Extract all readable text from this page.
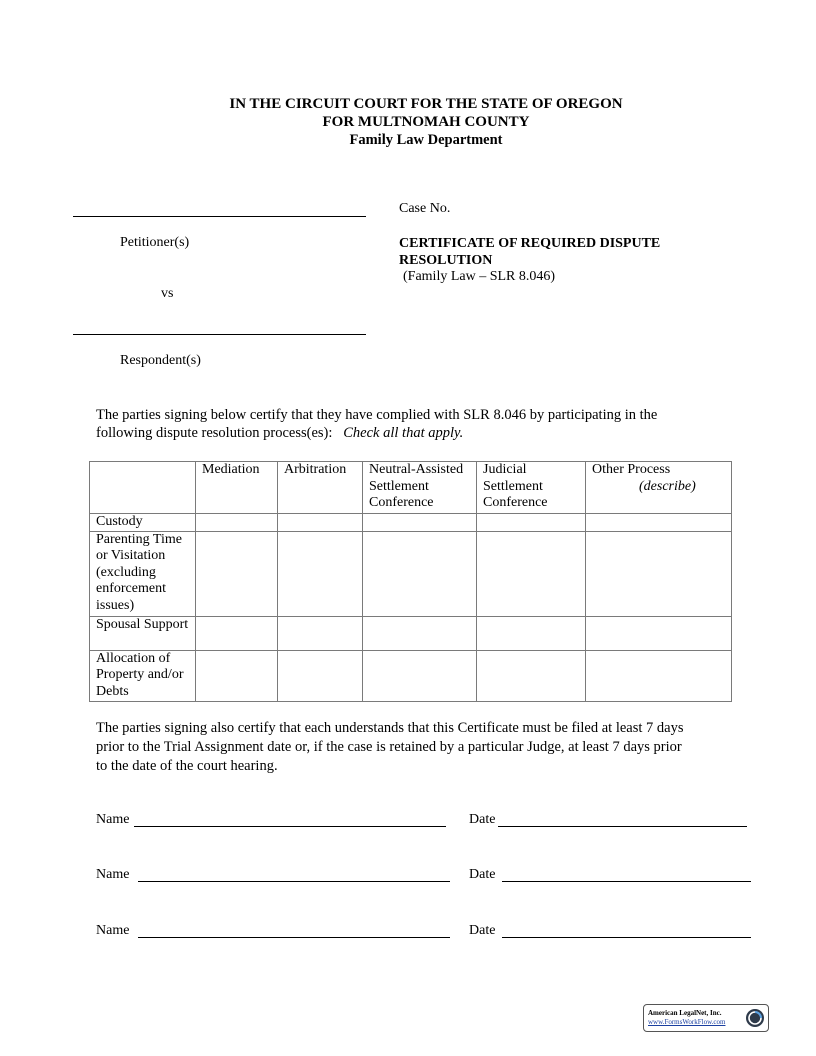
IN THE CIRCUIT COURT FOR THE STATE OF OREGON
FOR MULTNOMAH COUNTY
Family Law Department
Petitioner(s)
vs
Respondent(s)
Case No.
CERTIFICATE OF REQUIRED DISPUTE
RESOLUTION
(Family Law – SLR 8.046)
The parties signing below certify that they have complied with SLR 8.046 by participating in the
following dispute resolution process(es): Check all that apply.
	Mediation	Arbitration	Neutral-Assisted Settlement Conference	Judicial Settlement Conference	Other Process
(describe)

Custody					
Parenting Time or Visitation (excluding enforcement issues)					
Spousal Support					
Allocation of Property and/or Debts					
The parties signing also certify that each understands that this Certificate must be filed at least 7 days
prior to the Trial Assignment date or, if the case is retained by a particular Judge, at least 7 days prior
to the date of the court hearing.
Name	Date
Name	Date
Name	Date
American LegalNet, Inc.
www.FormsWorkFlow.com
